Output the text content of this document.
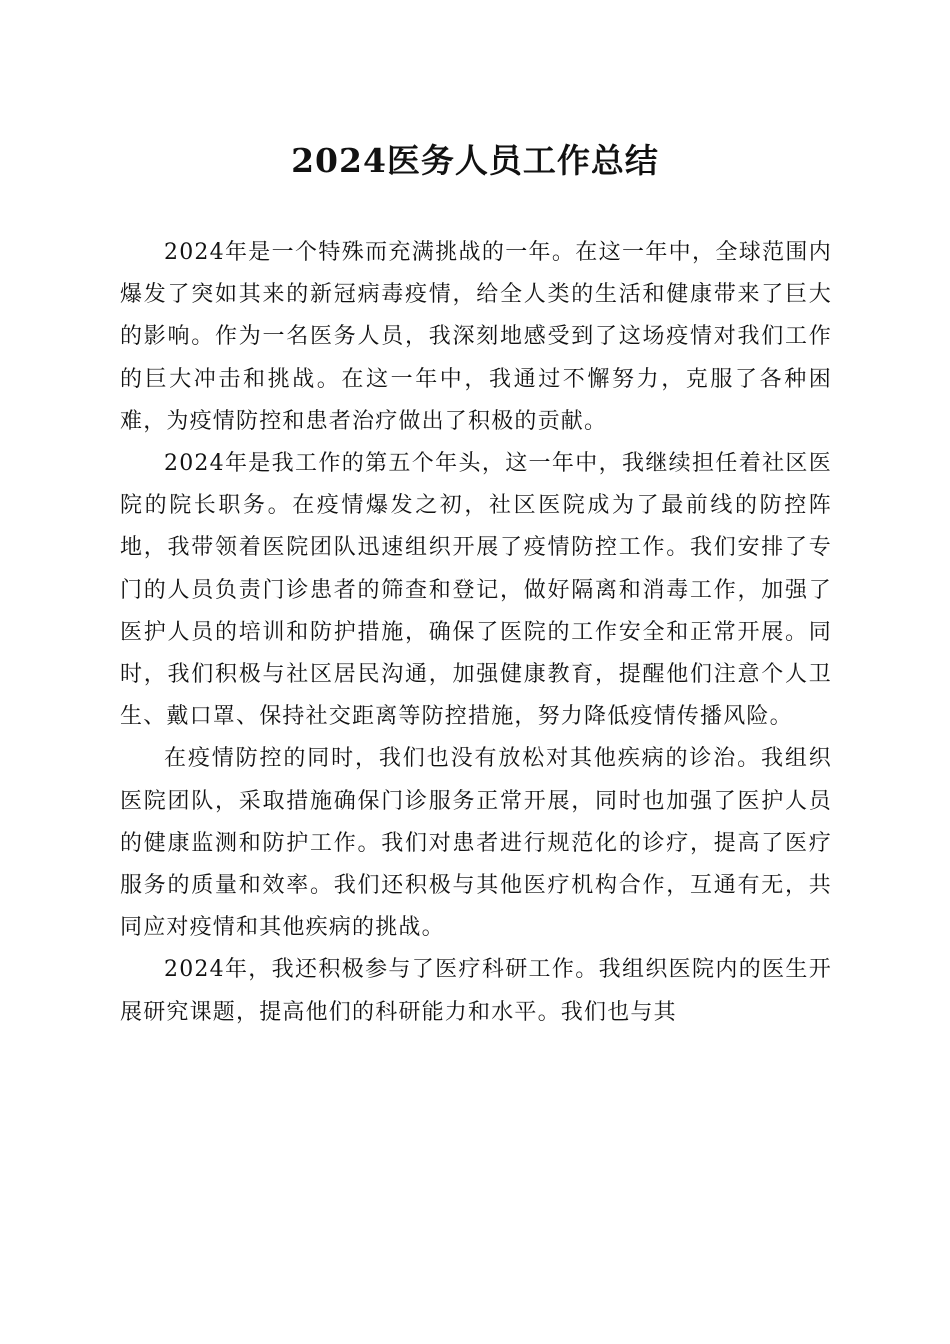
2024医务人员工作总结

2024年是一个特殊而充满挑战的一年。在这一年中，全球范围内爆发了突如其来的新冠病毒疫情，给全人类的生活和健康带来了巨大的影响。作为一名医务人员，我深刻地感受到了这场疫情对我们工作的巨大冲击和挑战。在这一年中，我通过不懈努力，克服了各种困难，为疫情防控和患者治疗做出了积极的贡献。

2024年是我工作的第五个年头，这一年中，我继续担任着社区医院的院长职务。在疫情爆发之初，社区医院成为了最前线的防控阵地，我带领着医院团队迅速组织开展了疫情防控工作。我们安排了专门的人员负责门诊患者的筛查和登记，做好隔离和消毒工作，加强了医护人员的培训和防护措施，确保了医院的工作安全和正常开展。同时，我们积极与社区居民沟通，加强健康教育，提醒他们注意个人卫生、戴口罩、保持社交距离等防控措施，努力降低疫情传播风险。

在疫情防控的同时，我们也没有放松对其他疾病的诊治。我组织医院团队，采取措施确保门诊服务正常开展，同时也加强了医护人员的健康监测和防护工作。我们对患者进行规范化的诊疗，提高了医疗服务的质量和效率。我们还积极与其他医疗机构合作，互通有无，共同应对疫情和其他疾病的挑战。

2024年，我还积极参与了医疗科研工作。我组织医院内的医生开展研究课题，提高他们的科研能力和水平。我们也与其
